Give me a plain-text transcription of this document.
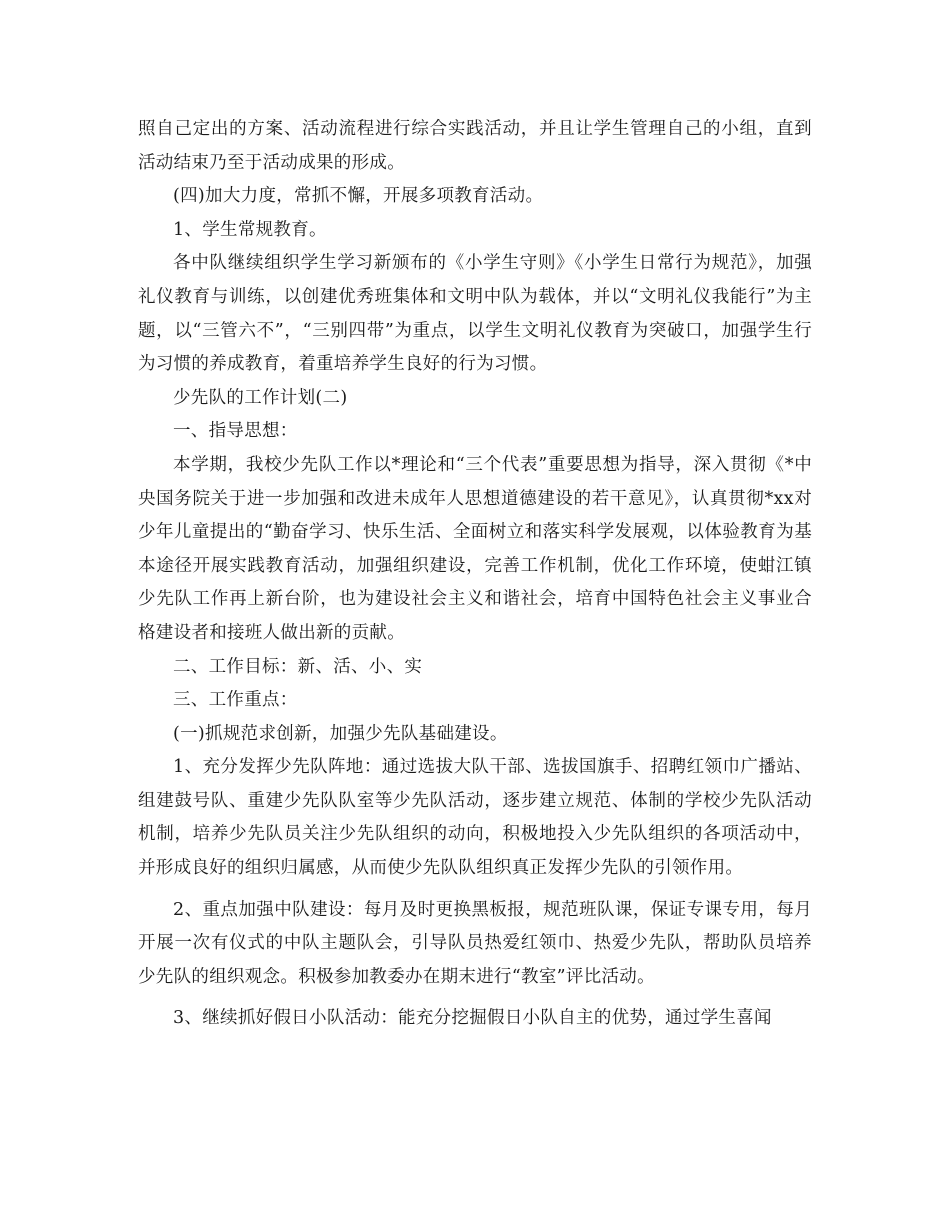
照自己定出的方案、活动流程进行综合实践活动，并且让学生管理自己的小组，直到活动结束乃至于活动成果的形成。

(四)加大力度，常抓不懈，开展多项教育活动。

1、学生常规教育。

各中队继续组织学生学习新颁布的《小学生守则》《小学生日常行为规范》，加强礼仪教育与训练，以创建优秀班集体和文明中队为载体，并以“文明礼仪我能行”为主题，以“三管六不”，“三别四带”为重点，以学生文明礼仪教育为突破口，加强学生行为习惯的养成教育，着重培养学生良好的行为习惯。

少先队的工作计划(二)

一、指导思想：

本学期，我校少先队工作以*理论和“三个代表”重要思想为指导，深入贯彻《*中央国务院关于进一步加强和改进未成年人思想道德建设的若干意见》，认真贯彻*xx对少年儿童提出的“勤奋学习、快乐生活、全面树立和落实科学发展观，以体验教育为基本途径开展实践教育活动，加强组织建设，完善工作机制，优化工作环境，使蚶江镇少先队工作再上新台阶，也为建设社会主义和谐社会，培育中国特色社会主义事业合格建设者和接班人做出新的贡献。

二、工作目标：新、活、小、实

三、工作重点：

(一)抓规范求创新，加强少先队基础建设。

1、充分发挥少先队阵地：通过选拔大队干部、选拔国旗手、招聘红领巾广播站、组建鼓号队、重建少先队队室等少先队活动，逐步建立规范、体制的学校少先队活动机制，培养少先队员关注少先队组织的动向，积极地投入少先队组织的各项活动中，并形成良好的组织归属感，从而使少先队队组织真正发挥少先队的引领作用。

2、重点加强中队建设：每月及时更换黑板报，规范班队课，保证专课专用，每月开展一次有仪式的中队主题队会，引导队员热爱红领巾、热爱少先队，帮助队员培养少先队的组织观念。积极参加教委办在期末进行“教室”评比活动。

3、继续抓好假日小队活动：能充分挖掘假日小队自主的优势，通过学生喜闻
